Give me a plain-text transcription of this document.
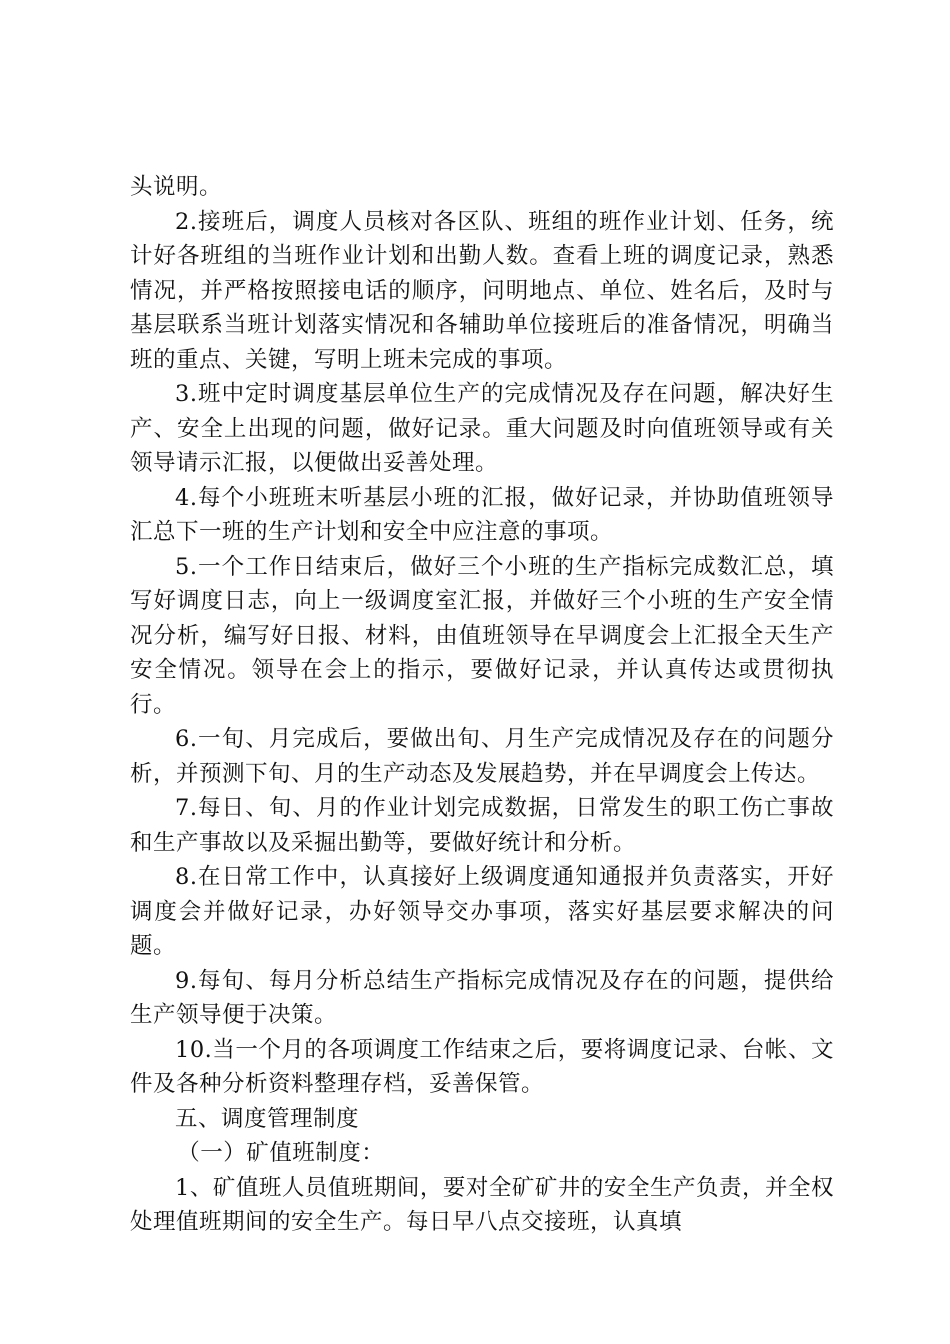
头说明。

2.接班后，调度人员核对各区队、班组的班作业计划、任务，统计好各班组的当班作业计划和出勤人数。查看上班的调度记录，熟悉情况，并严格按照接电话的顺序，问明地点、单位、姓名后，及时与基层联系当班计划落实情况和各辅助单位接班后的准备情况，明确当班的重点、关键，写明上班未完成的事项。

3.班中定时调度基层单位生产的完成情况及存在问题，解决好生产、安全上出现的问题，做好记录。重大问题及时向值班领导或有关领导请示汇报，以便做出妥善处理。

4.每个小班班末听基层小班的汇报，做好记录，并协助值班领导汇总下一班的生产计划和安全中应注意的事项。

5.一个工作日结束后，做好三个小班的生产指标完成数汇总，填写好调度日志，向上一级调度室汇报，并做好三个小班的生产安全情况分析，编写好日报、材料，由值班领导在早调度会上汇报全天生产安全情况。领导在会上的指示，要做好记录，并认真传达或贯彻执行。

6.一旬、月完成后，要做出旬、月生产完成情况及存在的问题分析，并预测下旬、月的生产动态及发展趋势，并在早调度会上传达。

7.每日、旬、月的作业计划完成数据，日常发生的职工伤亡事故和生产事故以及采掘出勤等，要做好统计和分析。

8.在日常工作中，认真接好上级调度通知通报并负责落实，开好调度会并做好记录，办好领导交办事项，落实好基层要求解决的问题。

9.每旬、每月分析总结生产指标完成情况及存在的问题，提供给生产领导便于决策。

10.当一个月的各项调度工作结束之后，要将调度记录、台帐、文件及各种分析资料整理存档，妥善保管。

五、调度管理制度

（一）矿值班制度：

1、矿值班人员值班期间，要对全矿矿井的安全生产负责，并全权处理值班期间的安全生产。每日早八点交接班，认真填
